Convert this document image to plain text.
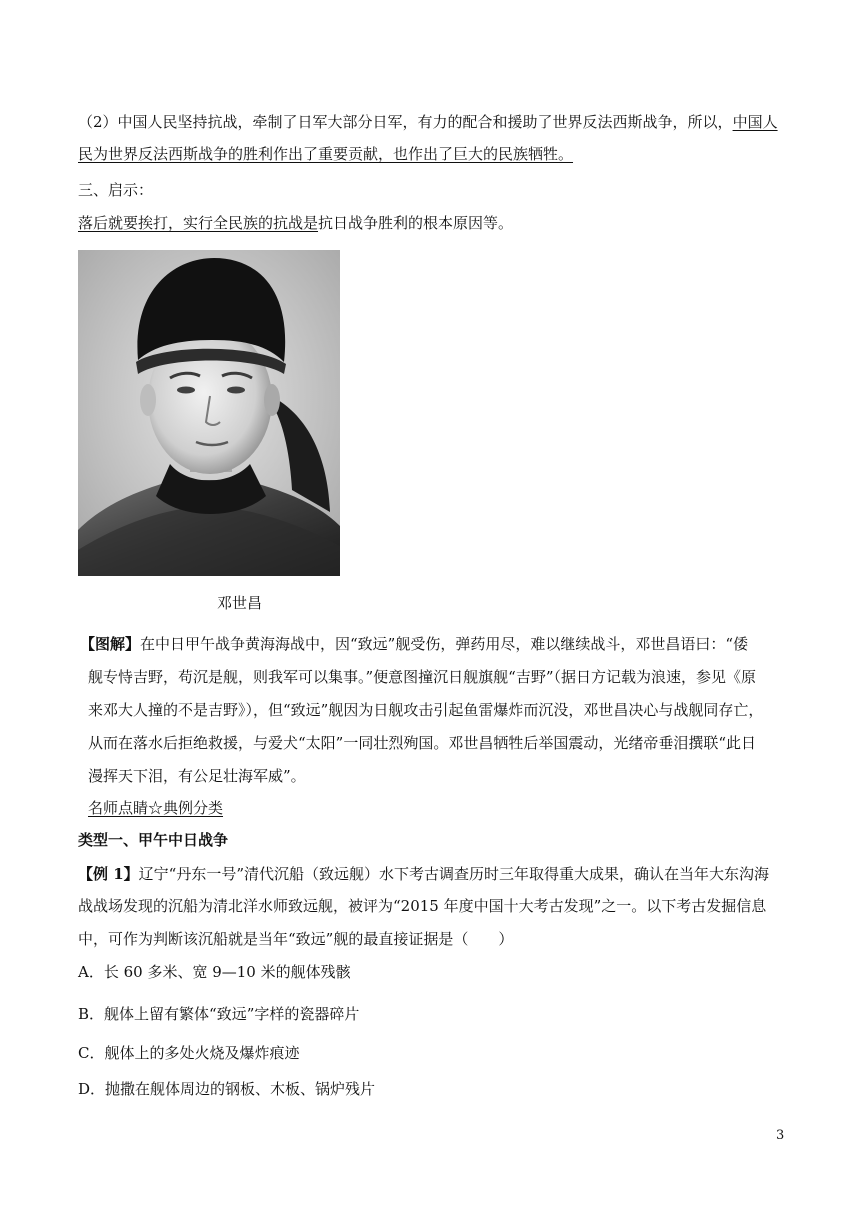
（2）中国人民坚持抗战，牵制了日军大部分日军，有力的配合和援助了世界反法西斯战争，所以，中国人
民为世界反法西斯战争的胜利作出了重要贡献，也作出了巨大的民族牺牲。
三、启示：
落后就要挨打，实行全民族的抗战是抗日战争胜利的根本原因等。
邓世昌
【图解】在中日甲午战争黄海海战中，因“致远”舰受伤，弹药用尽，难以继续战斗，邓世昌语曰：“倭
舰专恃吉野，苟沉是舰，则我军可以集事。”便意图撞沉日舰旗舰“吉野”（据日方记载为浪速，参见《原
来邓大人撞的不是吉野》），但“致远”舰因为日舰攻击引起鱼雷爆炸而沉没，邓世昌决心与战舰同存亡，
从而在落水后拒绝救援，与爱犬“太阳”一同壮烈殉国。邓世昌牺牲后举国震动，光绪帝垂泪撰联“此日
漫挥天下泪，有公足壮海军威”。
名师点睛☆典例分类
类型一、甲午中日战争
【例 1】辽宁“丹东一号”清代沉船（致远舰）水下考古调查历时三年取得重大成果，确认在当年大东沟海
战战场发现的沉船为清北洋水师致远舰，被评为“2015 年度中国十大考古发现”之一。以下考古发掘信息
中，可作为判断该沉船就是当年“致远”舰的最直接证据是（　　）
A．长 60 多米、宽 9—10 米的舰体残骸
B．舰体上留有繁体“致远”字样的瓷器碎片
C．舰体上的多处火烧及爆炸痕迹
D．抛撒在舰体周边的钢板、木板、锅炉残片
3
